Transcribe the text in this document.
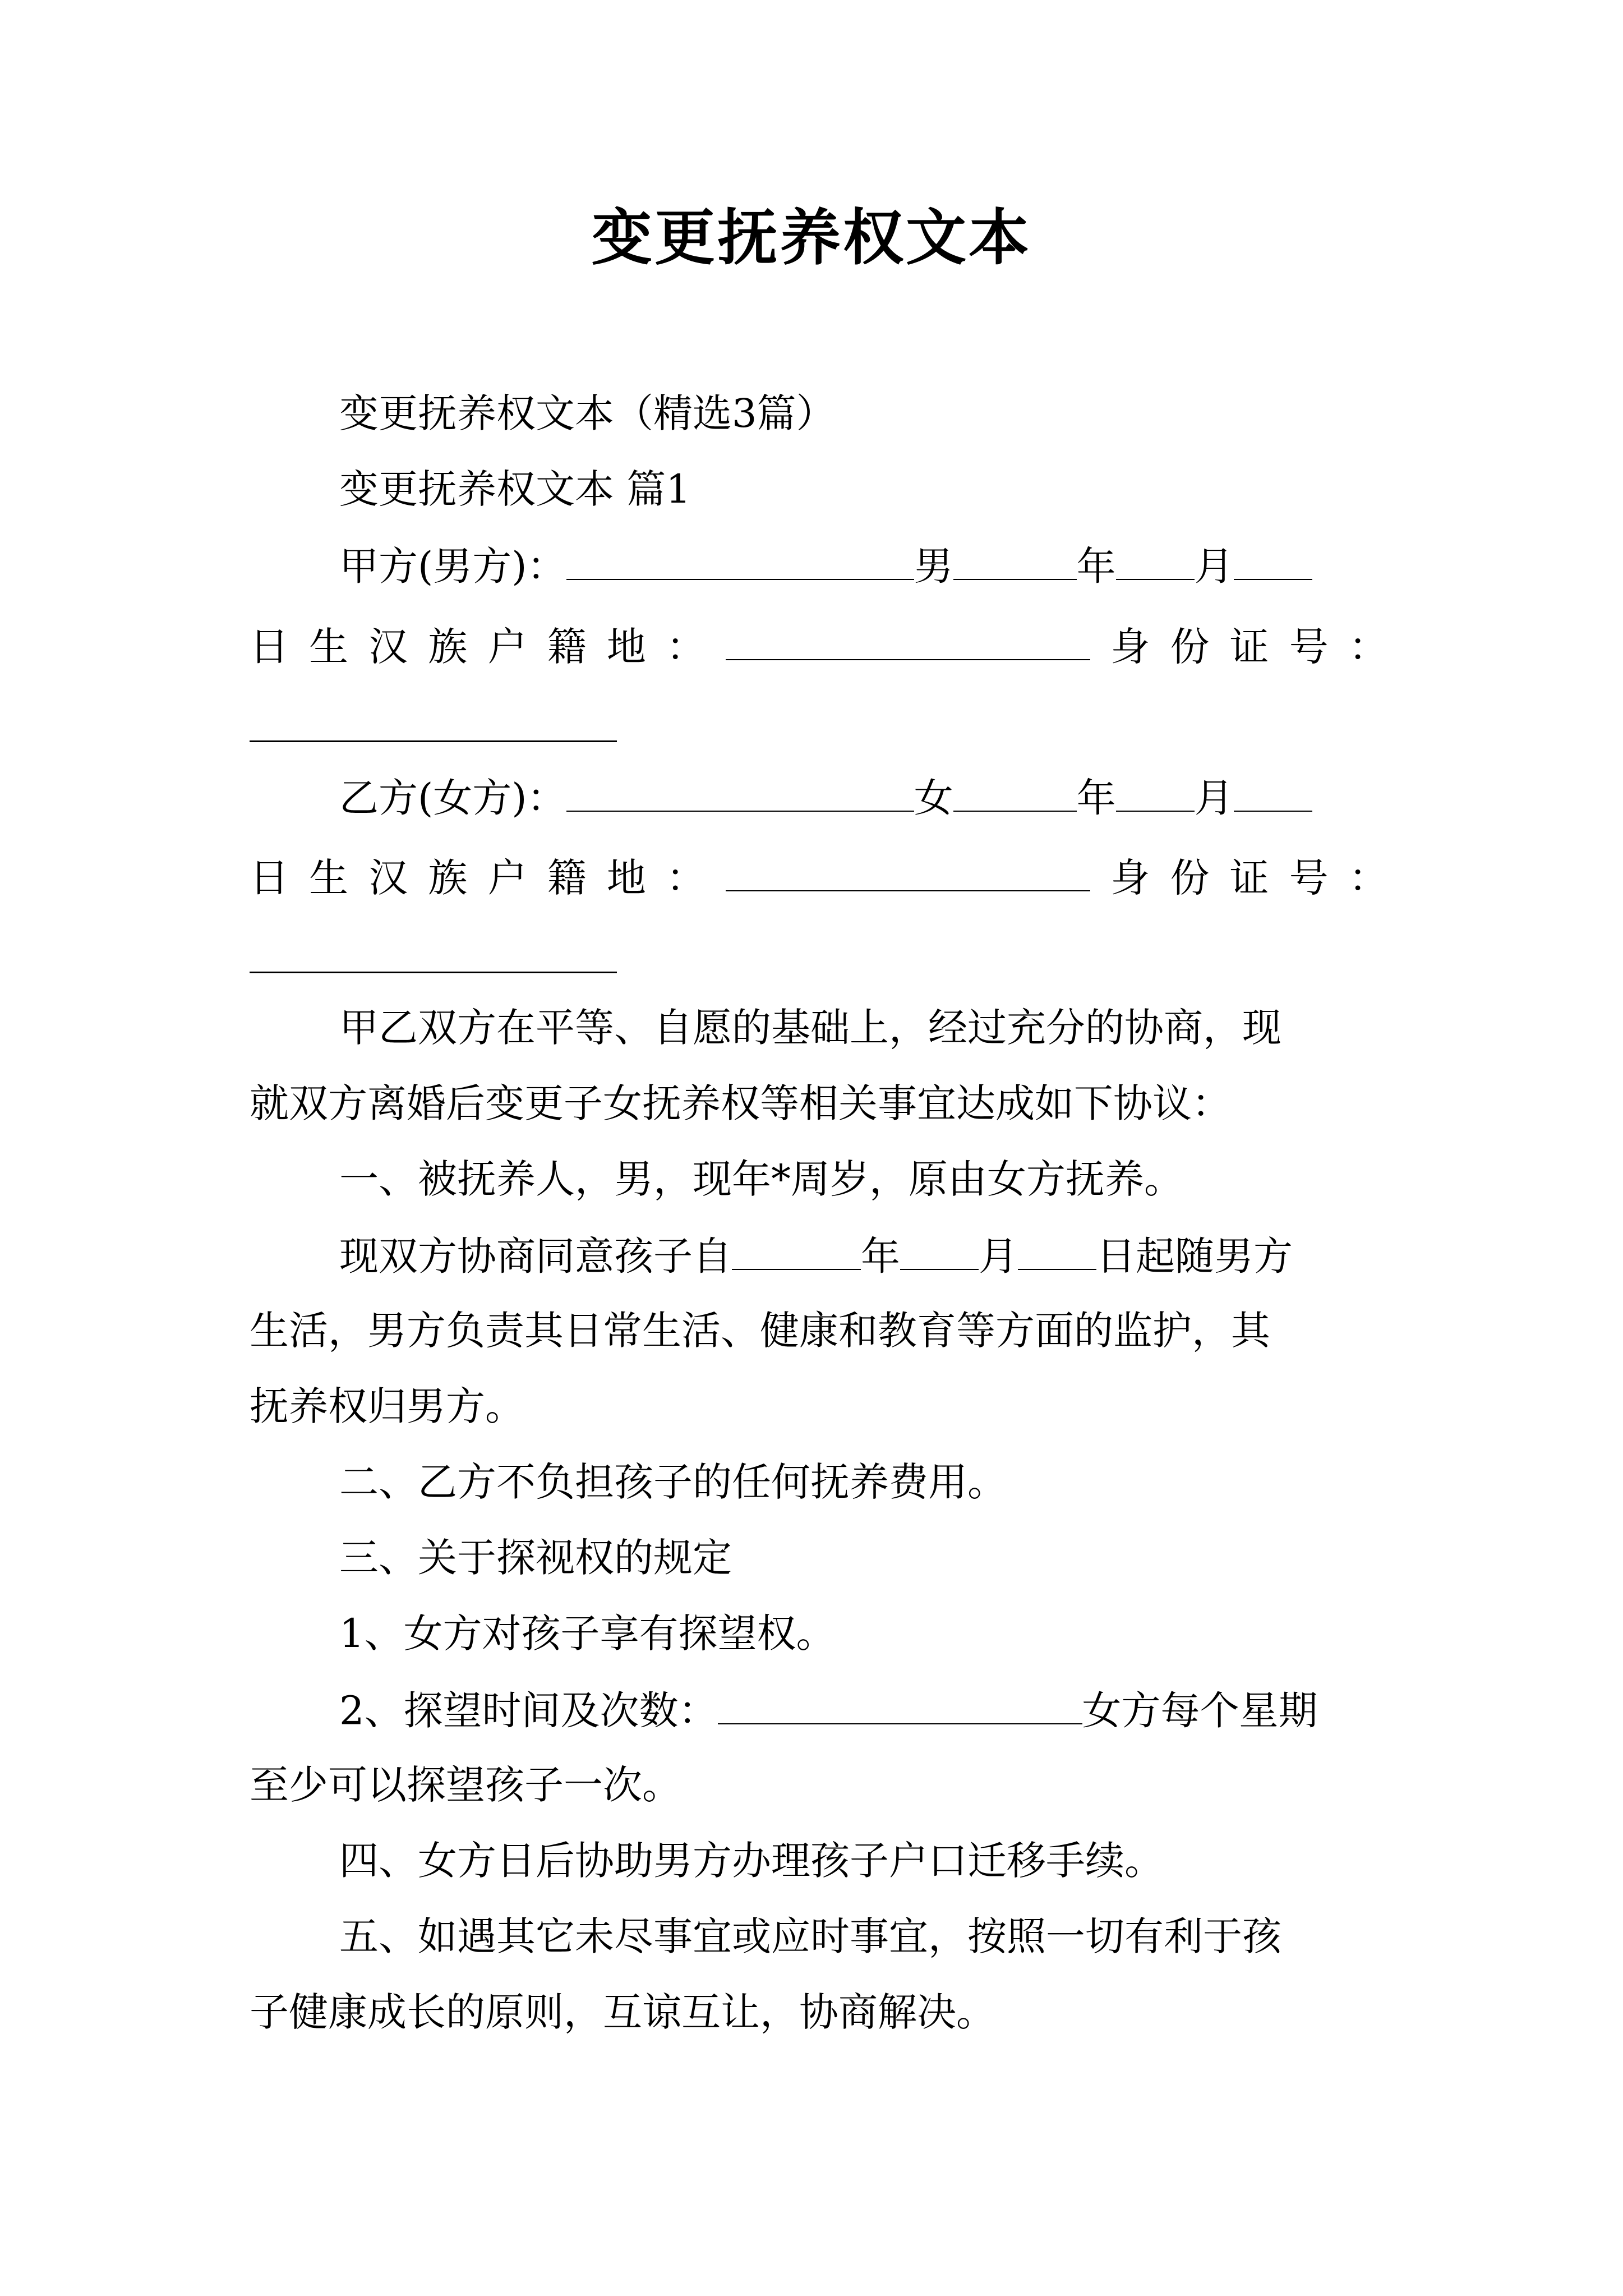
变更抚养权文本
变更抚养权文本（精选3篇）
变更抚养权文本 篇1
甲方(男方)：	男	年 月
日 生 汉 族 户 籍 地 ：	身 份 证 号 ：
乙方(女方)：	女	年 月
日 生 汉 族 户 籍 地 ：	身 份 证 号 ：
甲乙双方在平等、自愿的基础上，经过充分的协商，现
就双方离婚后变更子女抚养权等相关事宜达成如下协议：
一、被抚养人，男，现年*周岁，原由女方抚养。
现双方协商同意孩子自	年 月 日起随男方
生活，男方负责其日常生活、健康和教育等方面的监护，其
抚养权归男方。
二、乙方不负担孩子的任何抚养费用。
三、关于探视权的规定
1、女方对孩子享有探望权。
2、探望时间及次数：	女方每个星期
至少可以探望孩子一次。
四、女方日后协助男方办理孩子户口迁移手续。
五、如遇其它未尽事宜或应时事宜，按照一切有利于孩
子健康成长的原则，互谅互让，协商解决。
